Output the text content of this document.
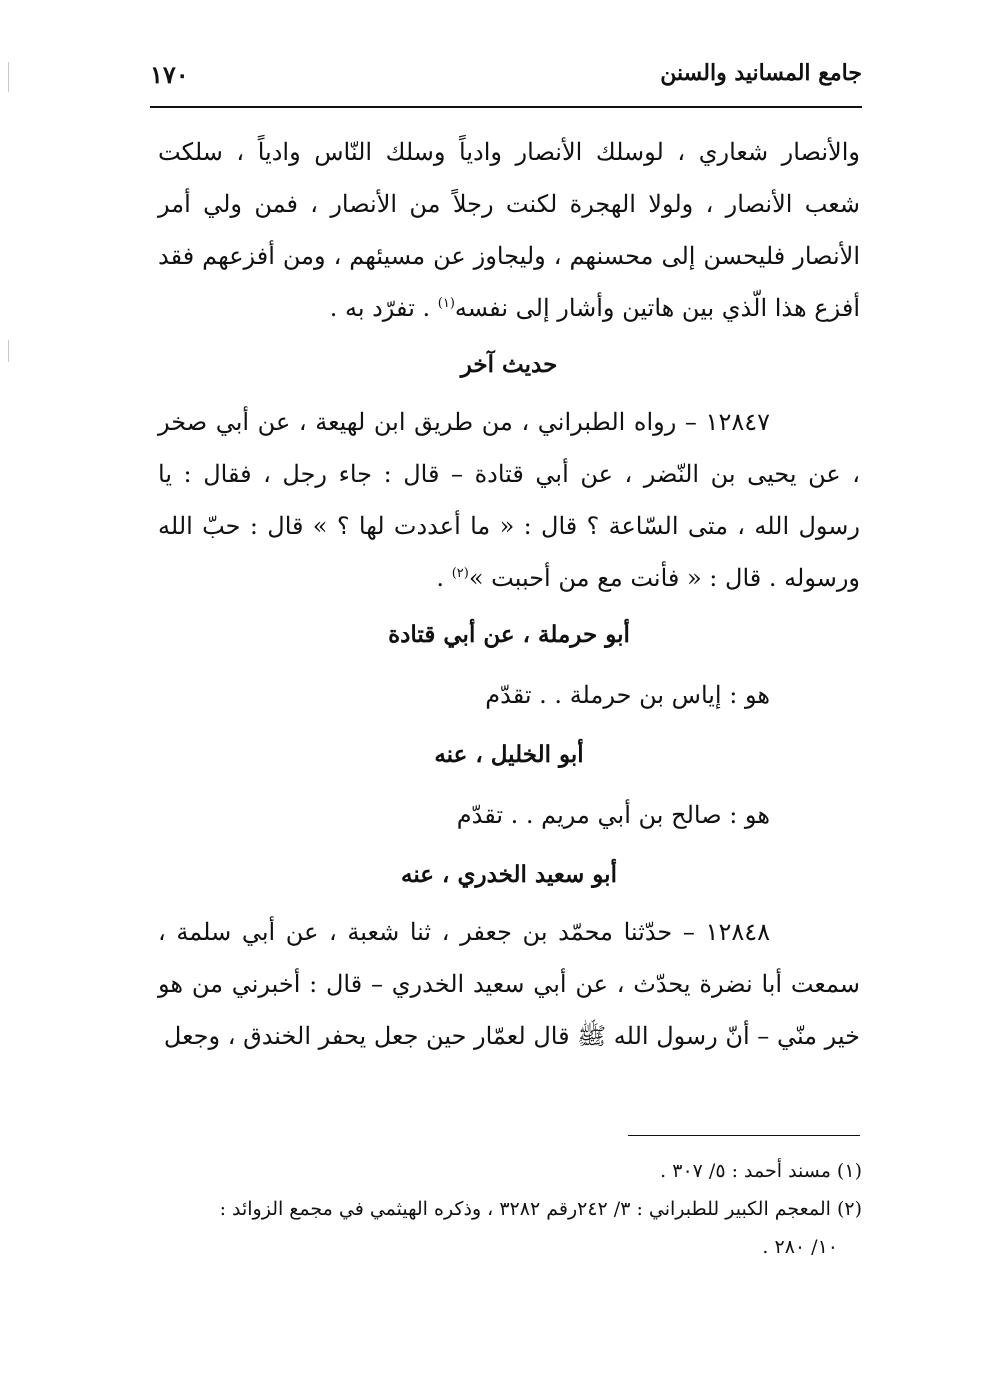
جامع المسانيد والسنن
١٧٠

والأنصار شعاري ، لوسلك الأنصار وادياً وسلك النّاس وادياً ، سلكت شعب الأنصار ، ولولا الهجرة لكنت رجلاً من الأنصار ، فمن ولي أمر الأنصار فليحسن إلى محسنهم ، وليجاوز عن مسيئهم ، ومن أفزعهم فقد أفزع هذا الّذي بين هاتين وأشار إلى نفسه$^{(١)}$ . تفرّد به .

حديث آخر

١٢٨٤٧ – رواه الطبراني ، من طريق ابن لهيعة ، عن أبي صخر ، عن يحيى بن النّضر ، عن أبي قتادة – قال : جاء رجل ، فقال : يا رسول الله ، متى السّاعة ؟ قال : « ما أعددت لها ؟ » قال : حبّ الله ورسوله . قال : « فأنت مع من أحببت »$^{(٢)}$ .

أبو حرملة ، عن أبي قتادة

هو : إياس بن حرملة . . تقدّم

أبو الخليل ، عنه

هو : صالح بن أبي مريم . . تقدّم

أبو سعيد الخدري ، عنه

١٢٨٤٨ – حدّثنا محمّد بن جعفر ، ثنا شعبة ، عن أبي سلمة ، سمعت أبا نضرة يحدّث ، عن أبي سعيد الخدري – قال : أخبرني من هو خير منّي – أنّ رسول الله ﷺ قال لعمّار حين جعل يحفر الخندق ، وجعل

(١) مسند أحمد : ٥/ ٣٠٧ .

(٢) المعجم الكبير للطبراني : ٣/ ٢٤٢رقم ٣٢٨٢ ، وذكره الهيثمي في مجمع الزوائد :

١٠/ ٢٨٠ .
